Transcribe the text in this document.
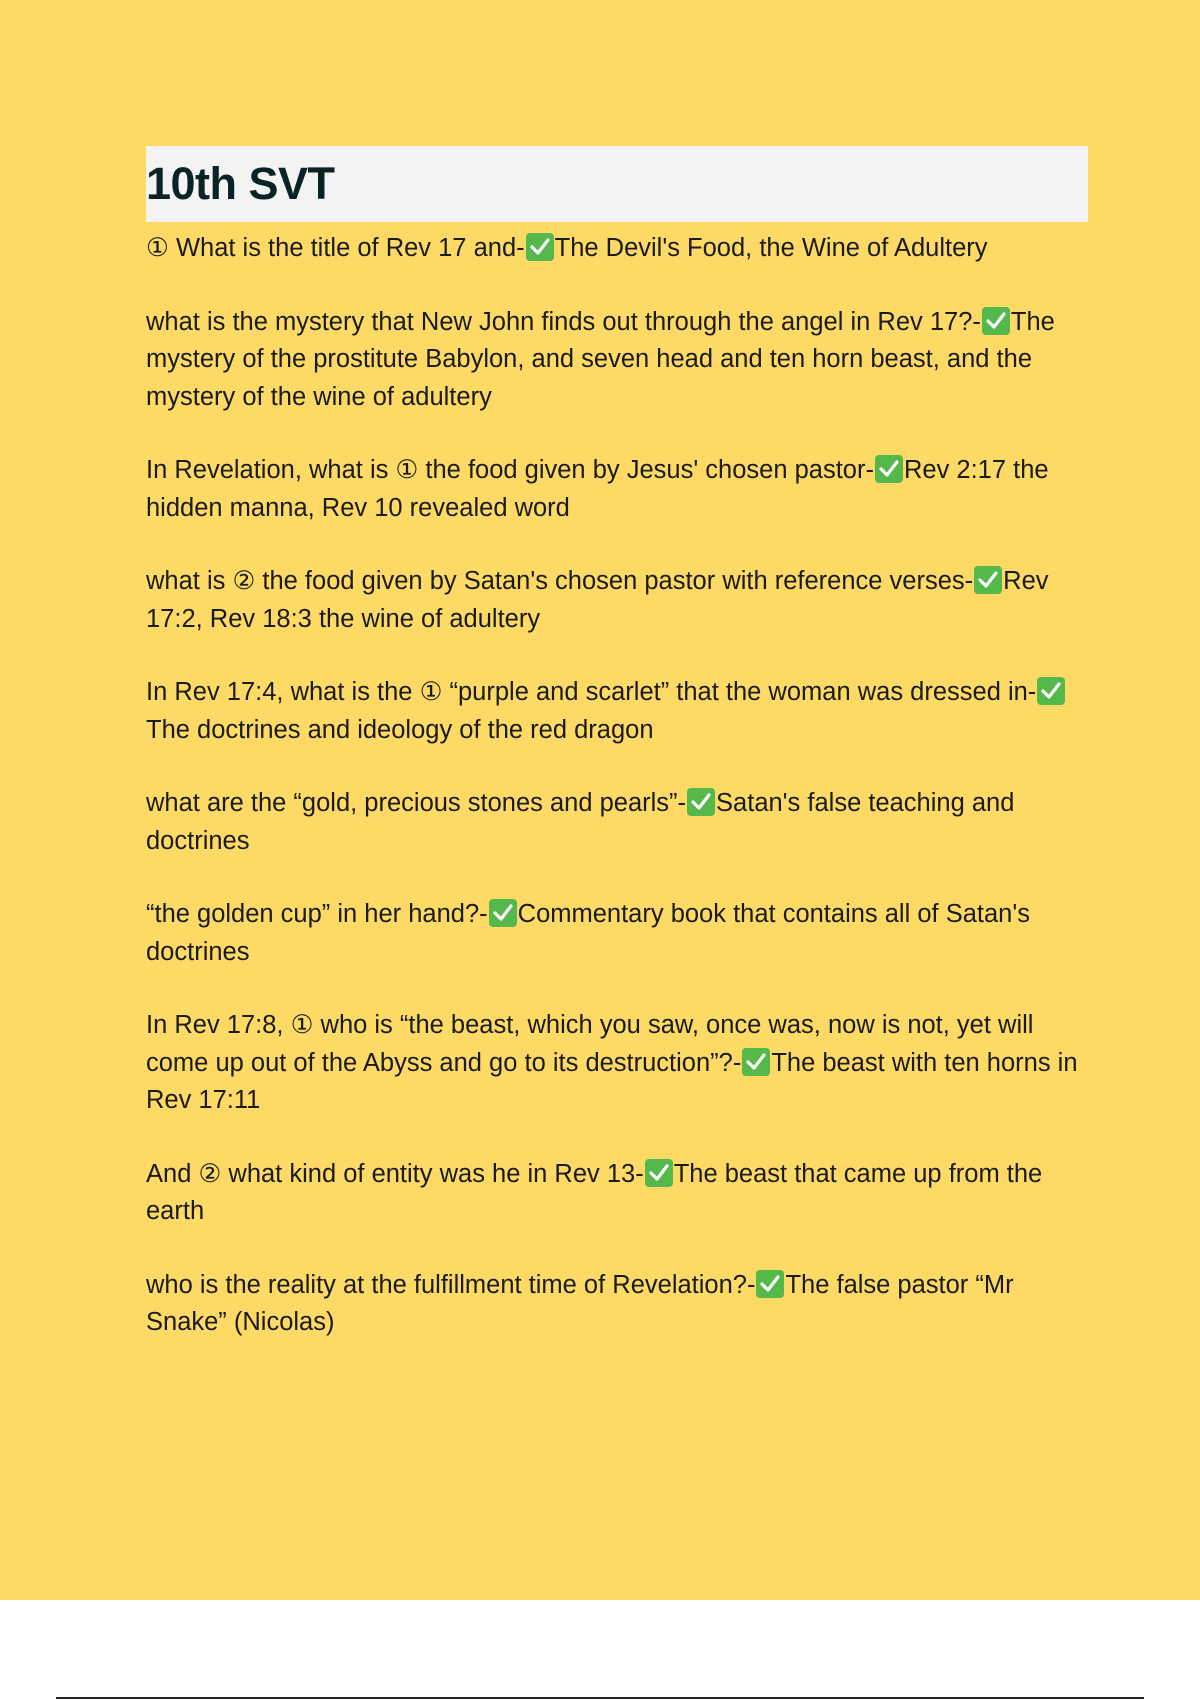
10th SVT

① What is the title of Rev 17 and- The Devil's Food, the Wine of Adultery

what is the mystery that New John finds out through the angel in Rev 17?- The mystery of the prostitute Babylon, and seven head and ten horn beast, and the mystery of the wine of adultery

In Revelation, what is ① the food given by Jesus' chosen pastor- Rev 2:17 the hidden manna, Rev 10 revealed word

what is ② the food given by Satan's chosen pastor with reference verses- Rev 17:2, Rev 18:3 the wine of adultery

In Rev 17:4, what is the ① “purple and scarlet” that the woman was dressed in-
The doctrines and ideology of the red dragon

what are the “gold, precious stones and pearls”- Satan's false teaching and doctrines

“the golden cup” in her hand?- Commentary book that contains all of Satan's doctrines

In Rev 17:8, ① who is “the beast, which you saw, once was, now is not, yet will come up out of the Abyss and go to its destruction”?- The beast with ten horns in Rev 17:11

And ② what kind of entity was he in Rev 13- The beast that came up from the earth

who is the reality at the fulfillment time of Revelation?- The false pastor “Mr Snake” (Nicolas)
